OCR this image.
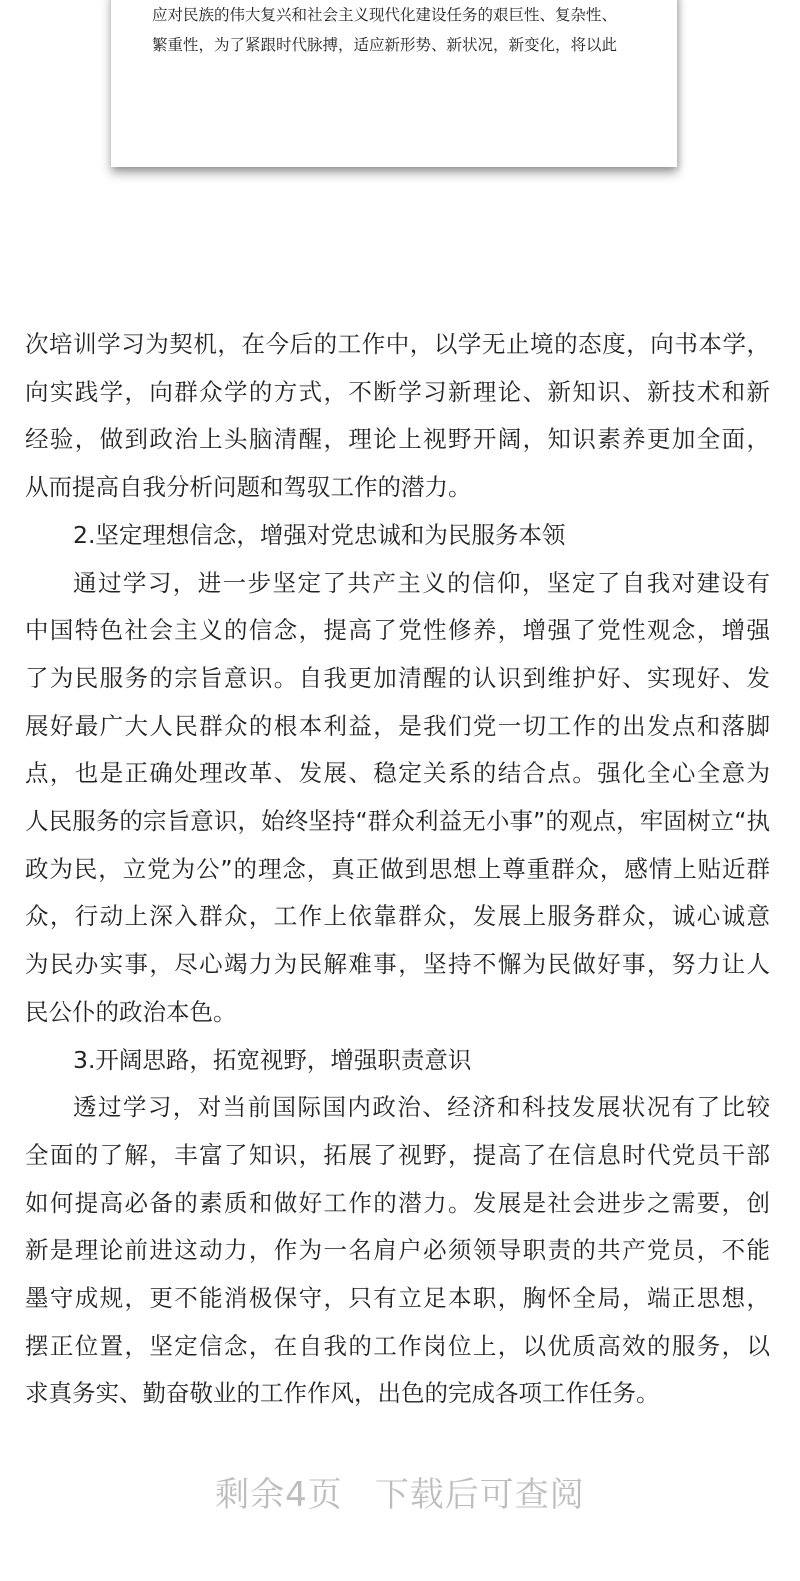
应对民族的伟大复兴和社会主义现代化建设任务的艰巨性、复杂性、
繁重性，为了紧跟时代脉搏，适应新形势、新状况，新变化，将以此
次培训学习为契机，在今后的工作中，以学无止境的态度，向书本学，
向实践学，向群众学的方式，不断学习新理论、新知识、新技术和新
经验，做到政治上头脑清醒，理论上视野开阔，知识素养更加全面，
从而提高自我分析问题和驾驭工作的潜力。
2.坚定理想信念，增强对党忠诚和为民服务本领
通过学习，进一步坚定了共产主义的信仰，坚定了自我对建设有
中国特色社会主义的信念，提高了党性修养，增强了党性观念，增强
了为民服务的宗旨意识。自我更加清醒的认识到维护好、实现好、发
展好最广大人民群众的根本利益，是我们党一切工作的出发点和落脚
点，也是正确处理改革、发展、稳定关系的结合点。强化全心全意为
人民服务的宗旨意识，始终坚持“群众利益无小事”的观点，牢固树立“执
政为民，立党为公”的理念，真正做到思想上尊重群众，感情上贴近群
众，行动上深入群众，工作上依靠群众，发展上服务群众，诚心诚意
为民办实事，尽心竭力为民解难事，坚持不懈为民做好事，努力让人
民公仆的政治本色。
3.开阔思路，拓宽视野，增强职责意识
透过学习，对当前国际国内政治、经济和科技发展状况有了比较
全面的了解，丰富了知识，拓展了视野，提高了在信息时代党员干部
如何提高必备的素质和做好工作的潜力。发展是社会进步之需要，创
新是理论前进这动力，作为一名肩户必须领导职责的共产党员，不能
墨守成规，更不能消极保守，只有立足本职，胸怀全局，端正思想，
摆正位置，坚定信念，在自我的工作岗位上，以优质高效的服务，以
求真务实、勤奋敬业的工作作风，出色的完成各项工作任务。
剩余4页 下载后可查阅
